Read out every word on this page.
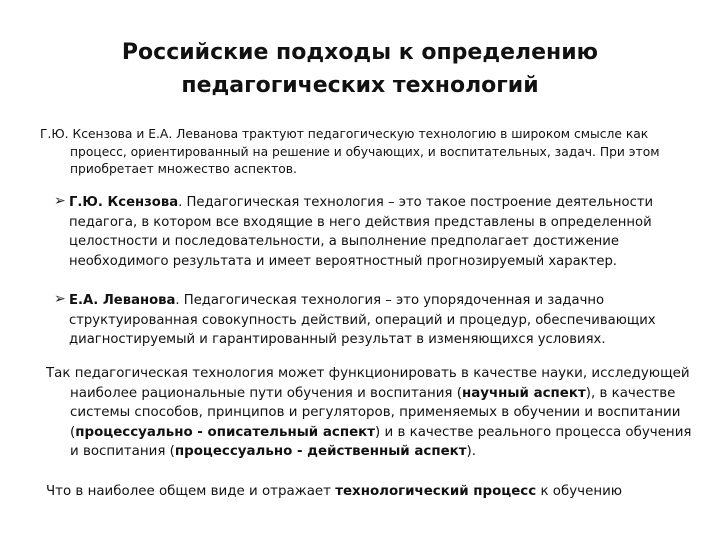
Российские подходы к определению
педагогических технологий
Г.Ю. Ксензова и Е.А. Леванова трактуют педагогическую технологию в широком смысле как процесс, ориентированный на решение и обучающих, и воспитательных, задач. При этом приобретает множество аспектов.
➢ Г.Ю. Ксензова. Педагогическая технология – это такое построение деятельности педагога, в котором все входящие в него действия представлены в определенной целостности и последовательности, а выполнение предполагает достижение необходимого результата и имеет вероятностный прогнозируемый характер.
➢ Е.А. Леванова. Педагогическая технология – это упорядоченная и задачно структуированная совокупность действий, операций и процедур, обеспечивающих диагностируемый и гарантированный результат в изменяющихся условиях.
Так педагогическая технология может функционировать в качестве науки, исследующей наиболее рациональные пути обучения и воспитания (научный аспект), в качестве системы способов, принципов и регуляторов, применяемых в обучении и воспитании (процессуально - описательный аспект) и в качестве реального процесса обучения и воспитания (процессуально - действенный аспект).
Что в наиболее общем виде и отражает технологический процесс к обучению
